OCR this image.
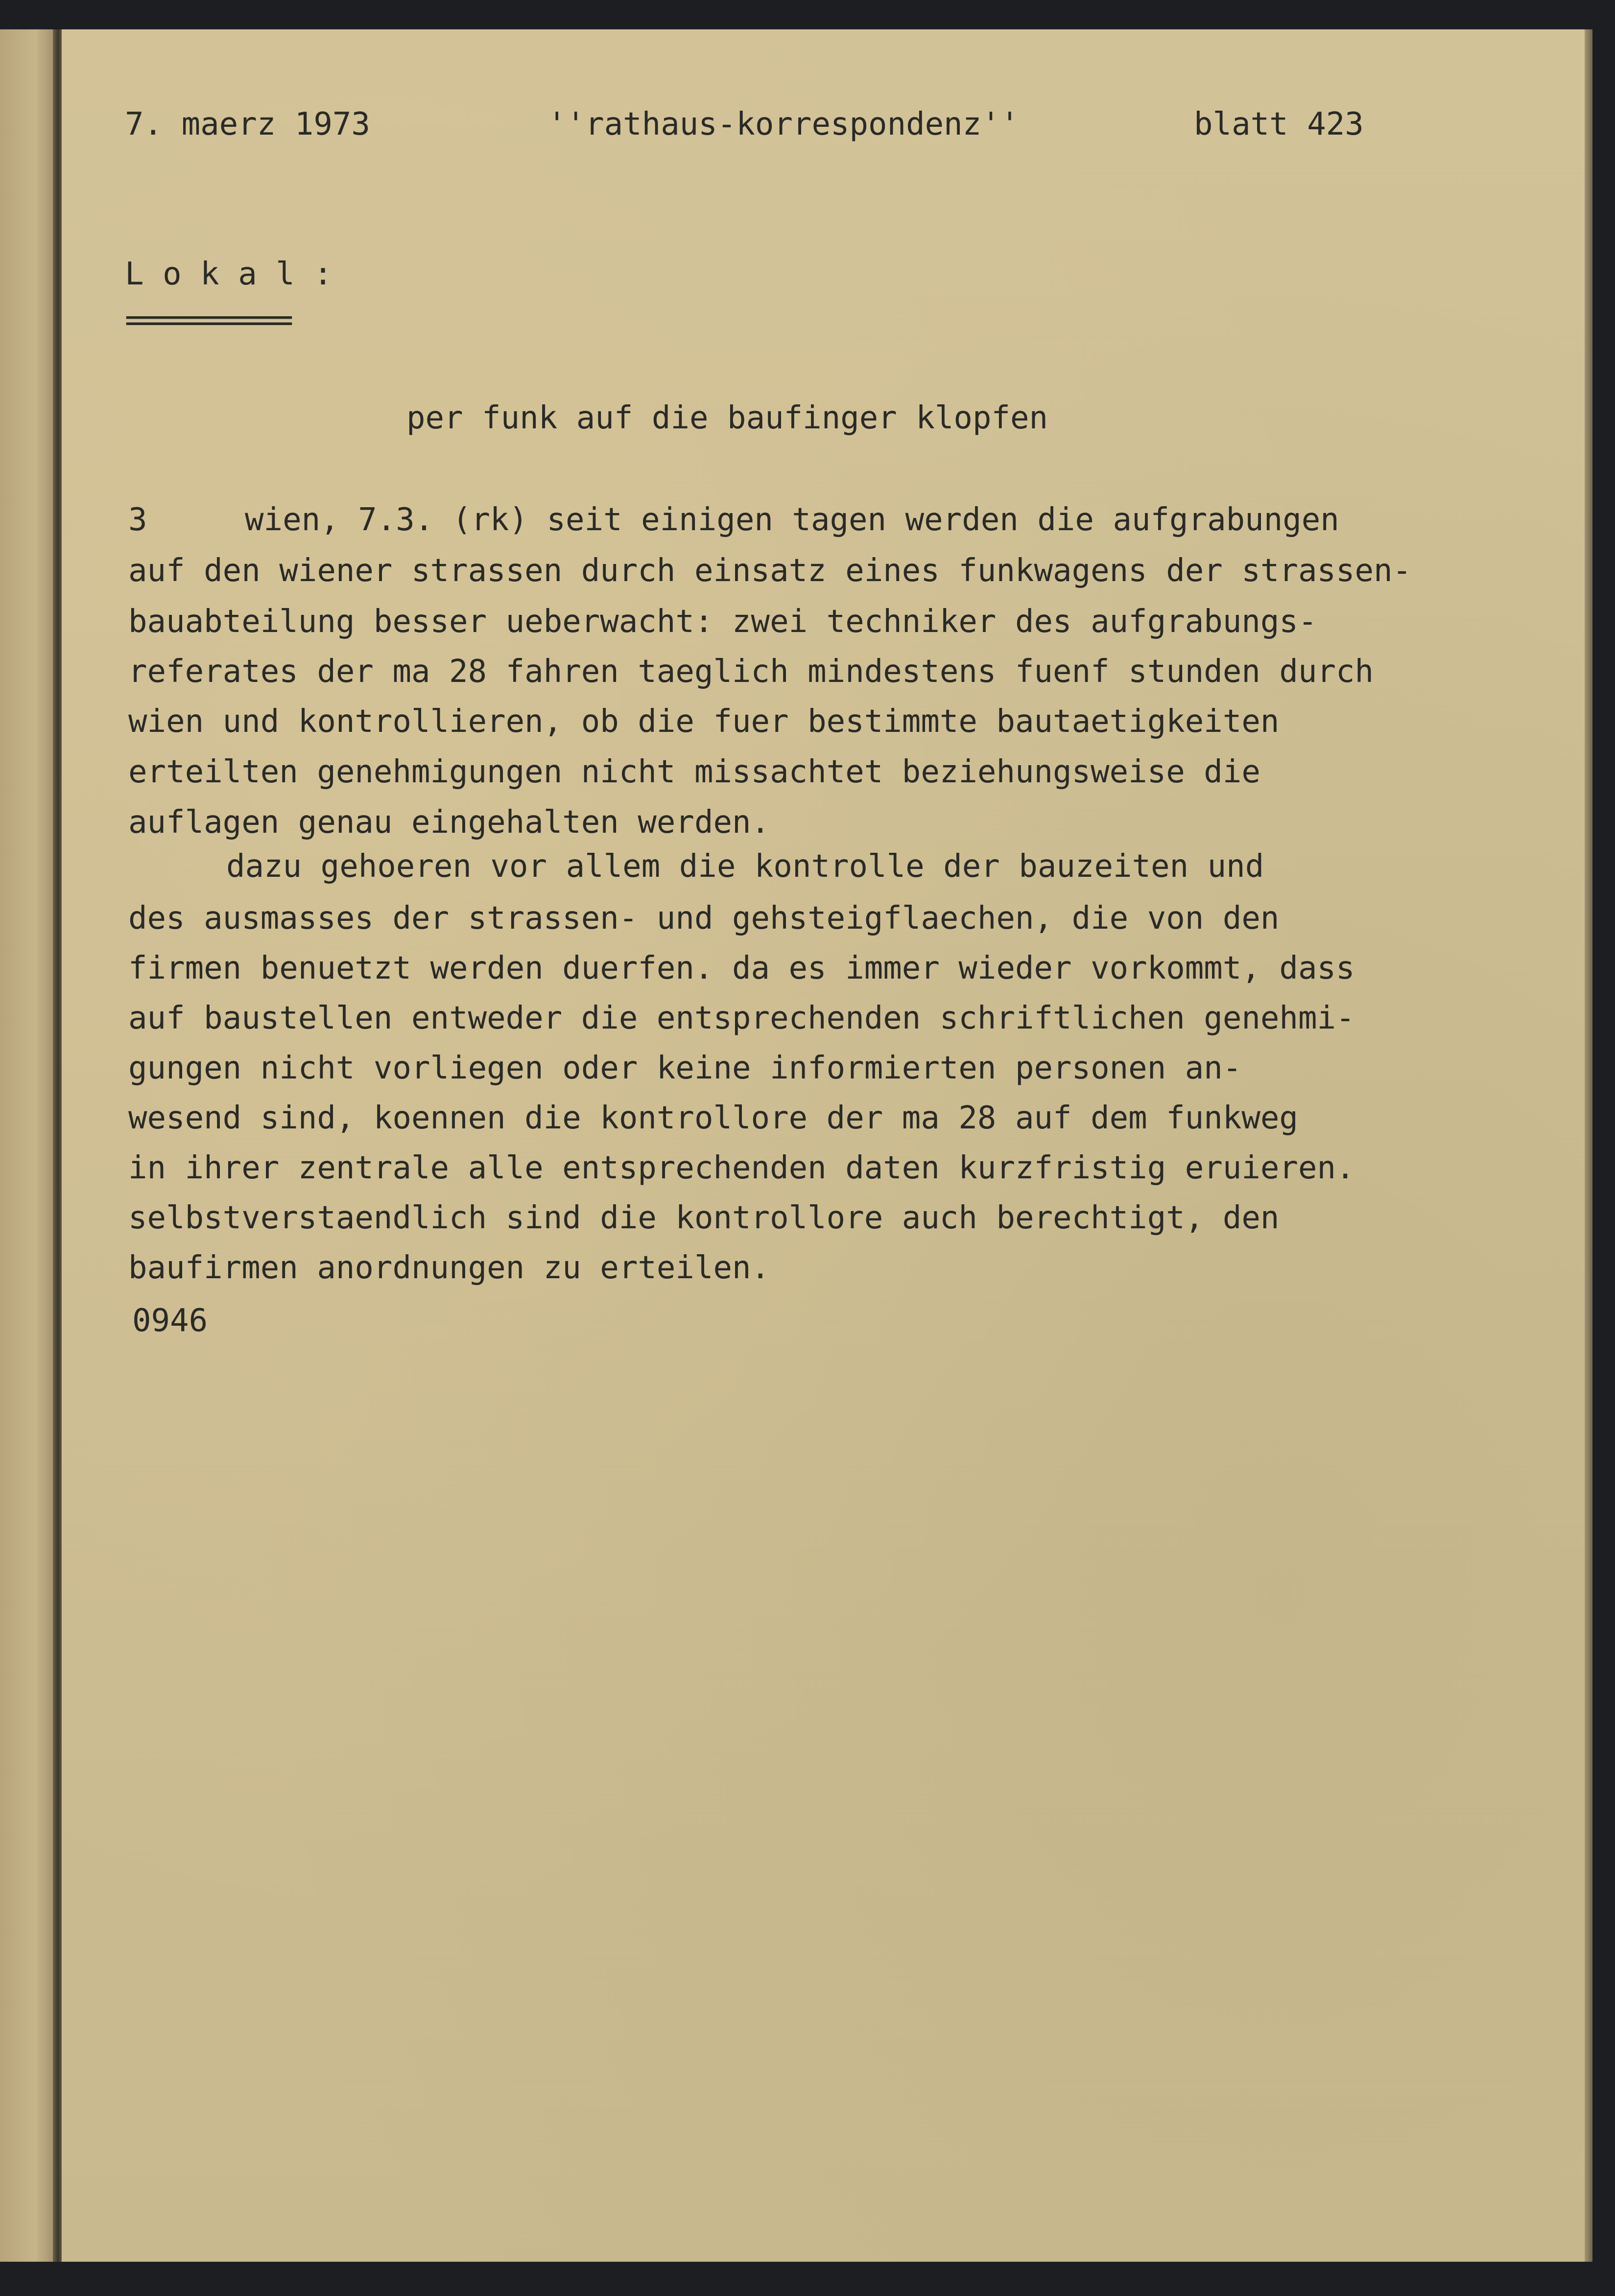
7. maerz 1973	''rathaus-korrespondenz''	blatt 423
L o k a l :
===========
per funk auf die baufinger klopfen
3	wien, 7.3. (rk) seit einigen tagen werden die aufgrabungen
auf den wiener strassen durch einsatz eines funkwagens der strassen-
bauabteilung besser ueberwacht: zwei techniker des aufgrabungs-
referates der ma 28 fahren taeglich mindestens fuenf stunden durch
wien und kontrollieren, ob die fuer bestimmte bautaetigkeiten
erteilten genehmigungen nicht missachtet beziehungsweise die
auflagen genau eingehalten werden.
dazu gehoeren vor allem die kontrolle der bauzeiten und
des ausmasses der strassen- und gehsteigflaechen, die von den
firmen benuetzt werden duerfen. da es immer wieder vorkommt, dass
auf baustellen entweder die entsprechenden schriftlichen genehmi-
gungen nicht vorliegen oder keine informierten personen an-
wesend sind, koennen die kontrollore der ma 28 auf dem funkweg
in ihrer zentrale alle entsprechenden daten kurzfristig eruieren.
selbstverstaendlich sind die kontrollore auch berechtigt, den
baufirmen anordnungen zu erteilen.
0946
